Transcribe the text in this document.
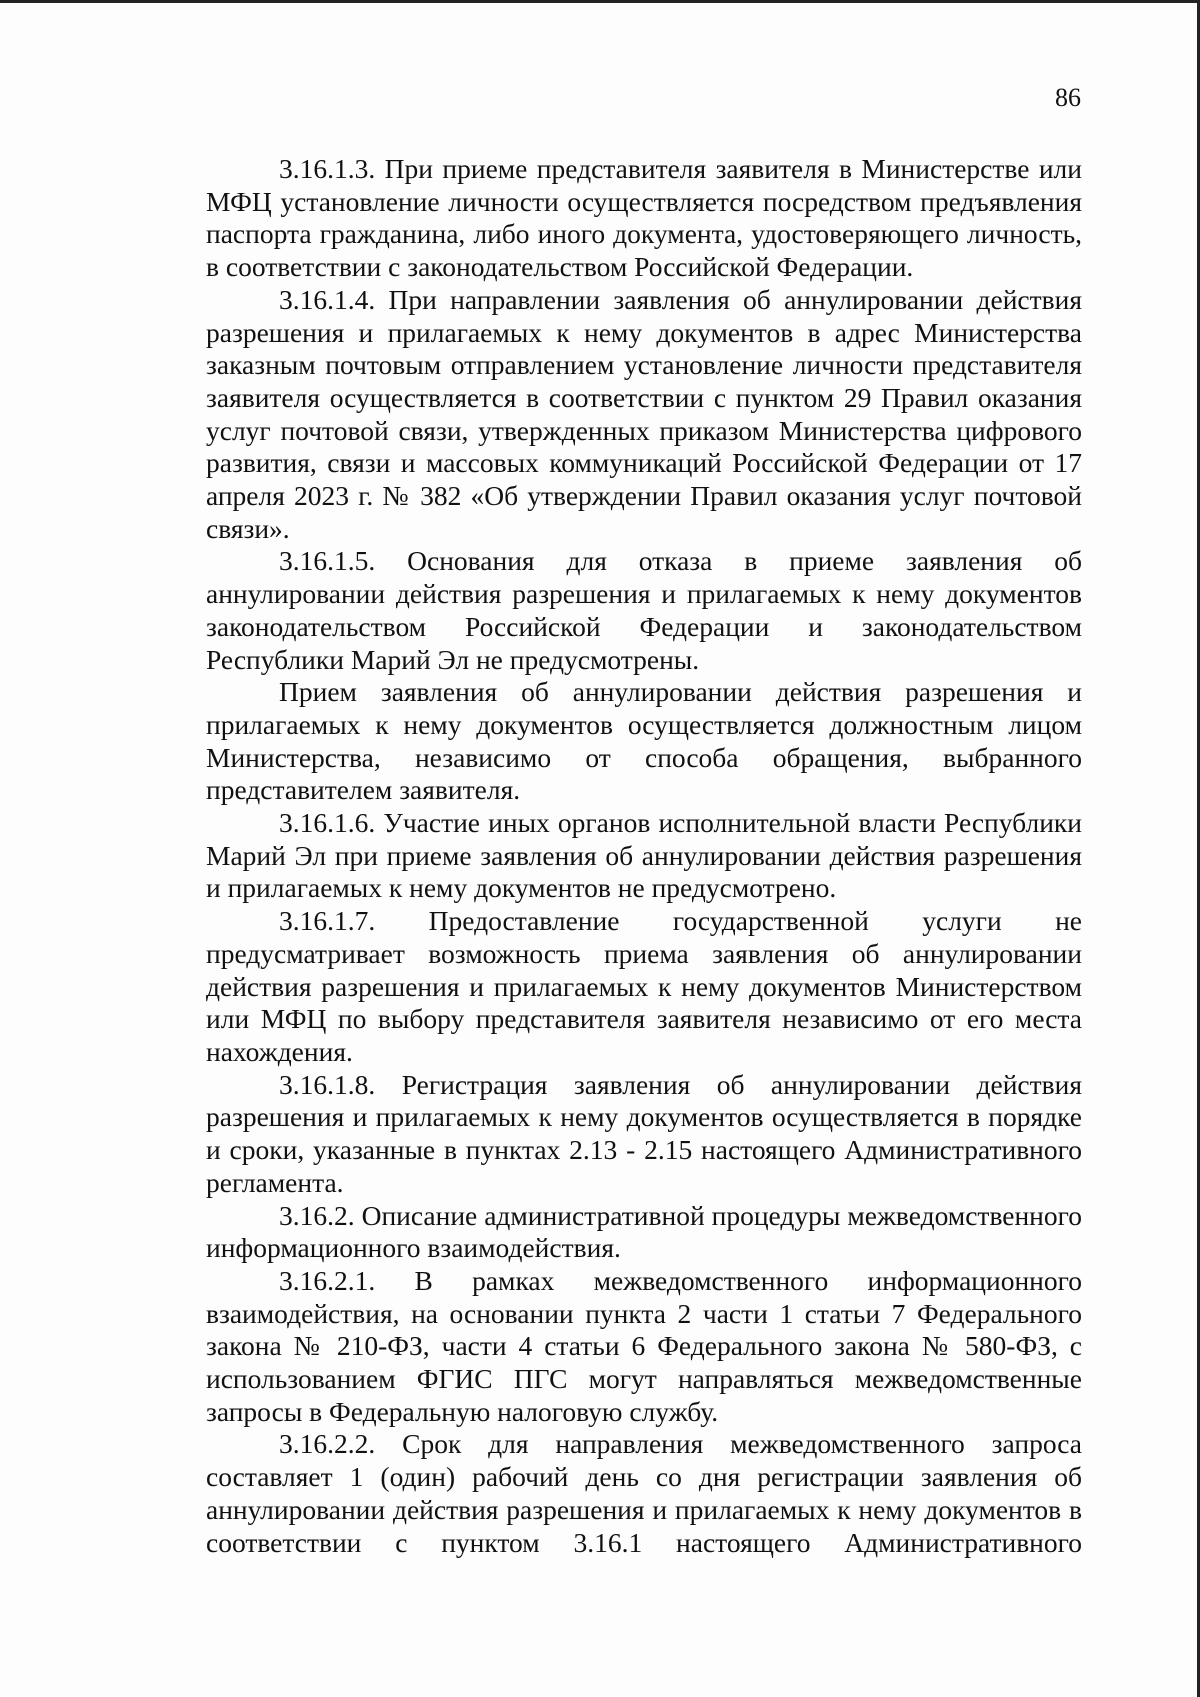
86

3.16.1.3. При приеме представителя заявителя в Министерстве или МФЦ установление личности осуществляется посредством предъявления паспорта гражданина, либо иного документа, удостоверяющего личность, в соответствии с законодательством Российской Федерации.

3.16.1.4. При направлении заявления об аннулировании действия разрешения и прилагаемых к нему документов в адрес Министерства заказным почтовым отправлением установление личности представителя заявителя осуществляется в соответствии с пунктом 29 Правил оказания услуг почтовой связи, утвержденных приказом Министерства цифрового развития, связи и массовых коммуникаций Российской Федерации от 17 апреля 2023 г. № 382 «Об утверждении Правил оказания услуг почтовой связи».

3.16.1.5. Основания для отказа в приеме заявления об аннулировании действия разрешения и прилагаемых к нему документов законодательством Российской Федерации и законодательством Республики Марий Эл не предусмотрены.

Прием заявления об аннулировании действия разрешения и прилагаемых к нему документов осуществляется должностным лицом Министерства, независимо от способа обращения, выбранного представителем заявителя.

3.16.1.6. Участие иных органов исполнительной власти Республики Марий Эл при приеме заявления об аннулировании действия разрешения и прилагаемых к нему документов не предусмотрено.

3.16.1.7. Предоставление государственной услуги не предусматривает возможность приема заявления об аннулировании действия разрешения и прилагаемых к нему документов Министерством или МФЦ по выбору представителя заявителя независимо от его места нахождения.

3.16.1.8. Регистрация заявления об аннулировании действия разрешения и прилагаемых к нему документов осуществляется в порядке и сроки, указанные в пунктах 2.13 - 2.15 настоящего Административного регламента.

3.16.2. Описание административной процедуры межведомственного информационного взаимодействия.

3.16.2.1. В рамках межведомственного информационного взаимодействия, на основании пункта 2 части 1 статьи 7 Федерального закона № 210-ФЗ, части 4 статьи 6 Федерального закона № 580-ФЗ, с использованием ФГИС ПГС могут направляться межведомственные запросы в Федеральную налоговую службу.

3.16.2.2. Срок для направления межведомственного запроса составляет 1 (один) рабочий день со дня регистрации заявления об аннулировании действия разрешения и прилагаемых к нему документов в соответствии с пунктом 3.16.1 настоящего Административного
